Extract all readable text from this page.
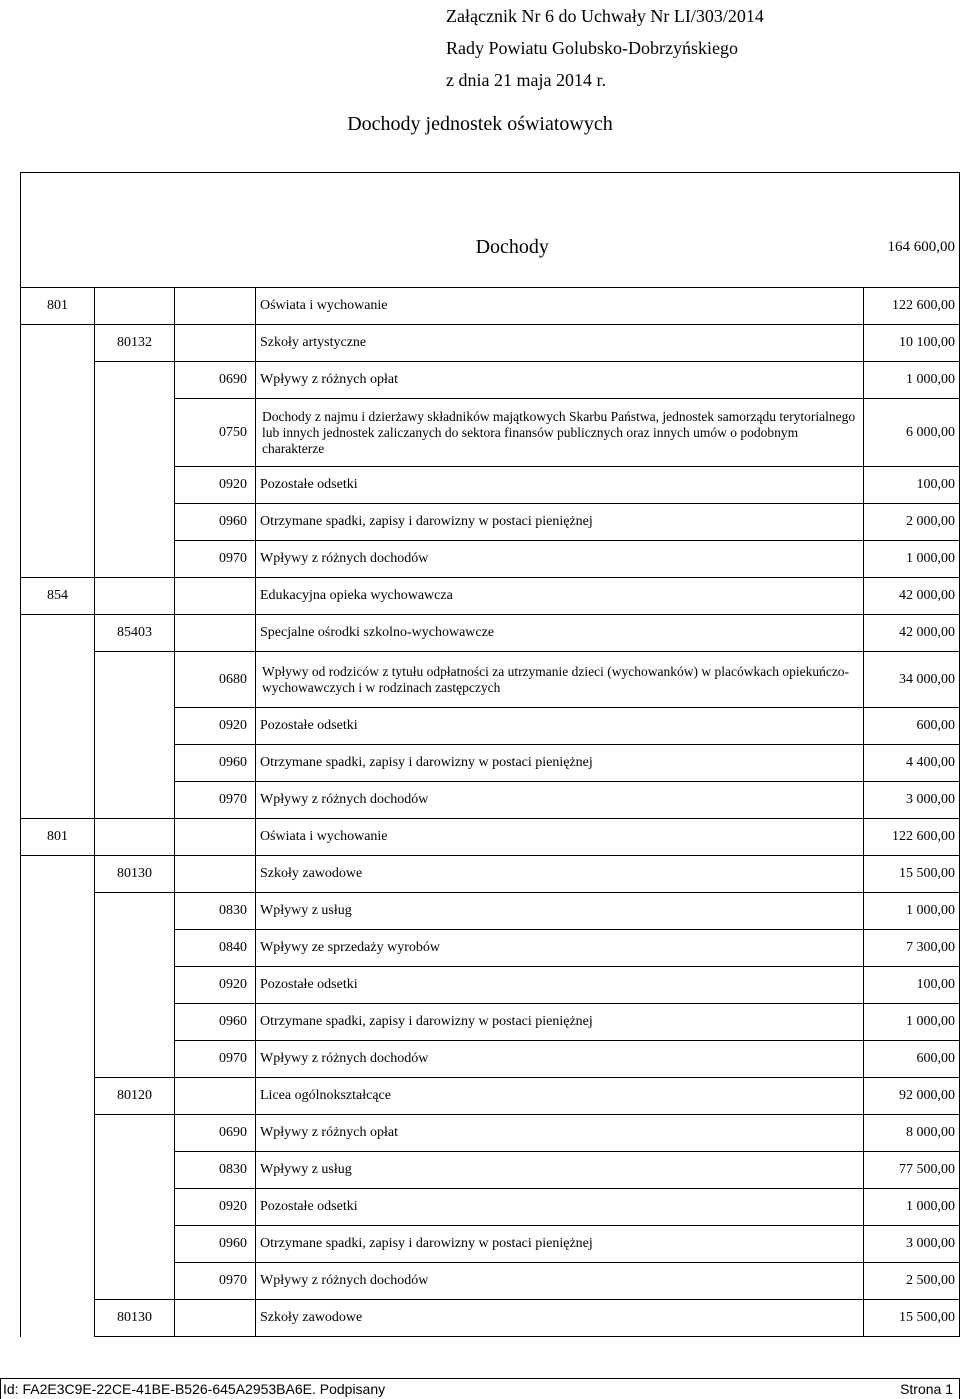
Załącznik Nr 6 do Uchwały Nr LI/303/2014
Rady Powiatu Golubsko-Dobrzyńskiego
z dnia 21 maja 2014 r.
Dochody jednostek oświatowych
Dochody				164 600,00
801			Oświata i wychowanie	122 600,00
	80132		Szkoły artystyczne	10 100,00
		0690	Wpływy z różnych opłat	1 000,00
		0750	Dochody z najmu i dzierżawy składników majątkowych Skarbu Państwa, jednostek samorządu terytorialnego lub innych jednostek zaliczanych do sektora finansów publicznych oraz innych umów o podobnym charakterze	6 000,00
		0920	Pozostałe odsetki	100,00
		0960	Otrzymane spadki, zapisy i darowizny w postaci pieniężnej	2 000,00
		0970	Wpływy z różnych dochodów	1 000,00
854			Edukacyjna opieka wychowawcza	42 000,00
	85403		Specjalne ośrodki szkolno-wychowawcze	42 000,00
		0680	Wpływy od rodziców z tytułu odpłatności za utrzymanie dzieci (wychowanków) w placówkach opiekuńczo-wychowawczych i w rodzinach zastępczych	34 000,00
		0920	Pozostałe odsetki	600,00
		0960	Otrzymane spadki, zapisy i darowizny w postaci pieniężnej	4 400,00
		0970	Wpływy z różnych dochodów	3 000,00
801			Oświata i wychowanie	122 600,00
	80130		Szkoły zawodowe	15 500,00
		0830	Wpływy z usług	1 000,00
		0840	Wpływy ze sprzedaży wyrobów	7 300,00
		0920	Pozostałe odsetki	100,00
		0960	Otrzymane spadki, zapisy i darowizny w postaci pieniężnej	1 000,00
		0970	Wpływy z różnych dochodów	600,00
	80120		Licea ogólnokształcące	92 000,00
		0690	Wpływy z różnych opłat	8 000,00
		0830	Wpływy z usług	77 500,00
		0920	Pozostałe odsetki	1 000,00
		0960	Otrzymane spadki, zapisy i darowizny w postaci pieniężnej	3 000,00
		0970	Wpływy z różnych dochodów	2 500,00
	80130		Szkoły zawodowe	15 500,00
Id: FA2E3C9E-22CE-41BE-B526-645A2953BA6E. Podpisany	Strona 1
